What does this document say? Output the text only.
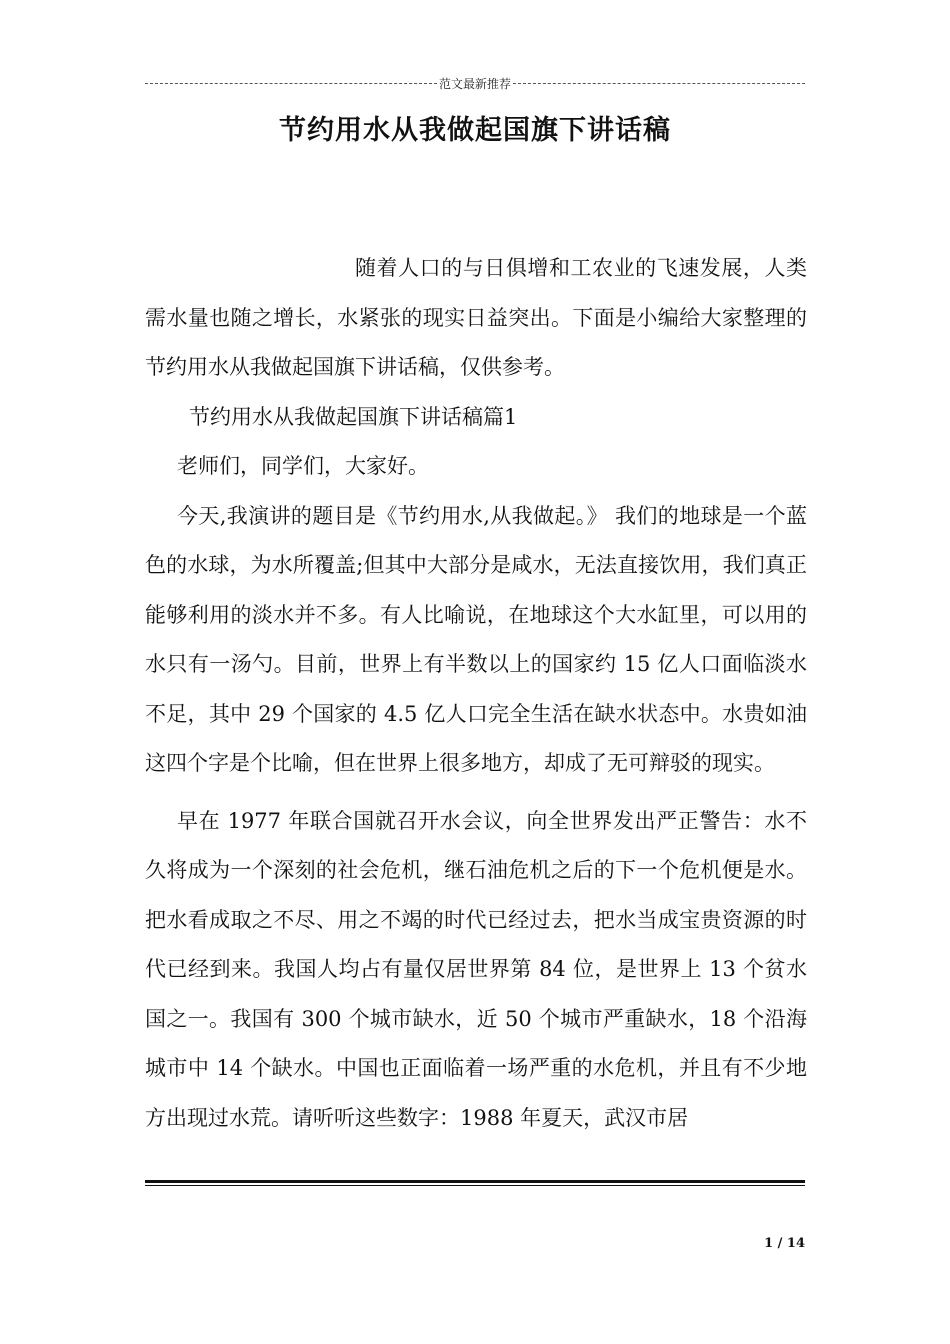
范文最新推荐
节约用水从我做起国旗下讲话稿

随着人口的与日俱增和工农业的飞速发展，人类需水量也随之增长，水紧张的现实日益突出。下面是小编给大家整理的节约用水从我做起国旗下讲话稿，仅供参考。

节约用水从我做起国旗下讲话稿篇1

老师们，同学们，大家好。

今天,我演讲的题目是《节约用水,从我做起。》 我们的地球是一个蓝色的水球，为水所覆盖;但其中大部分是咸水，无法直接饮用，我们真正能够利用的淡水并不多。有人比喻说，在地球这个大水缸里，可以用的水只有一汤勺。目前，世界上有半数以上的国家约 15 亿人口面临淡水不足，其中 29 个国家的 4.5 亿人口完全生活在缺水状态中。水贵如油这四个字是个比喻，但在世界上很多地方，却成了无可辩驳的现实。

早在 1977 年联合国就召开水会议，向全世界发出严正警告：水不久将成为一个深刻的社会危机，继石油危机之后的下一个危机便是水。把水看成取之不尽、用之不竭的时代已经过去，把水当成宝贵资源的时代已经到来。我国人均占有量仅居世界第 84 位，是世界上 13 个贫水国之一。我国有 300 个城市缺水，近 50 个城市严重缺水，18 个沿海城市中 14 个缺水。中国也正面临着一场严重的水危机，并且有不少地方出现过水荒。请听听这些数字：1988 年夏天，武汉市居

1 / 14
